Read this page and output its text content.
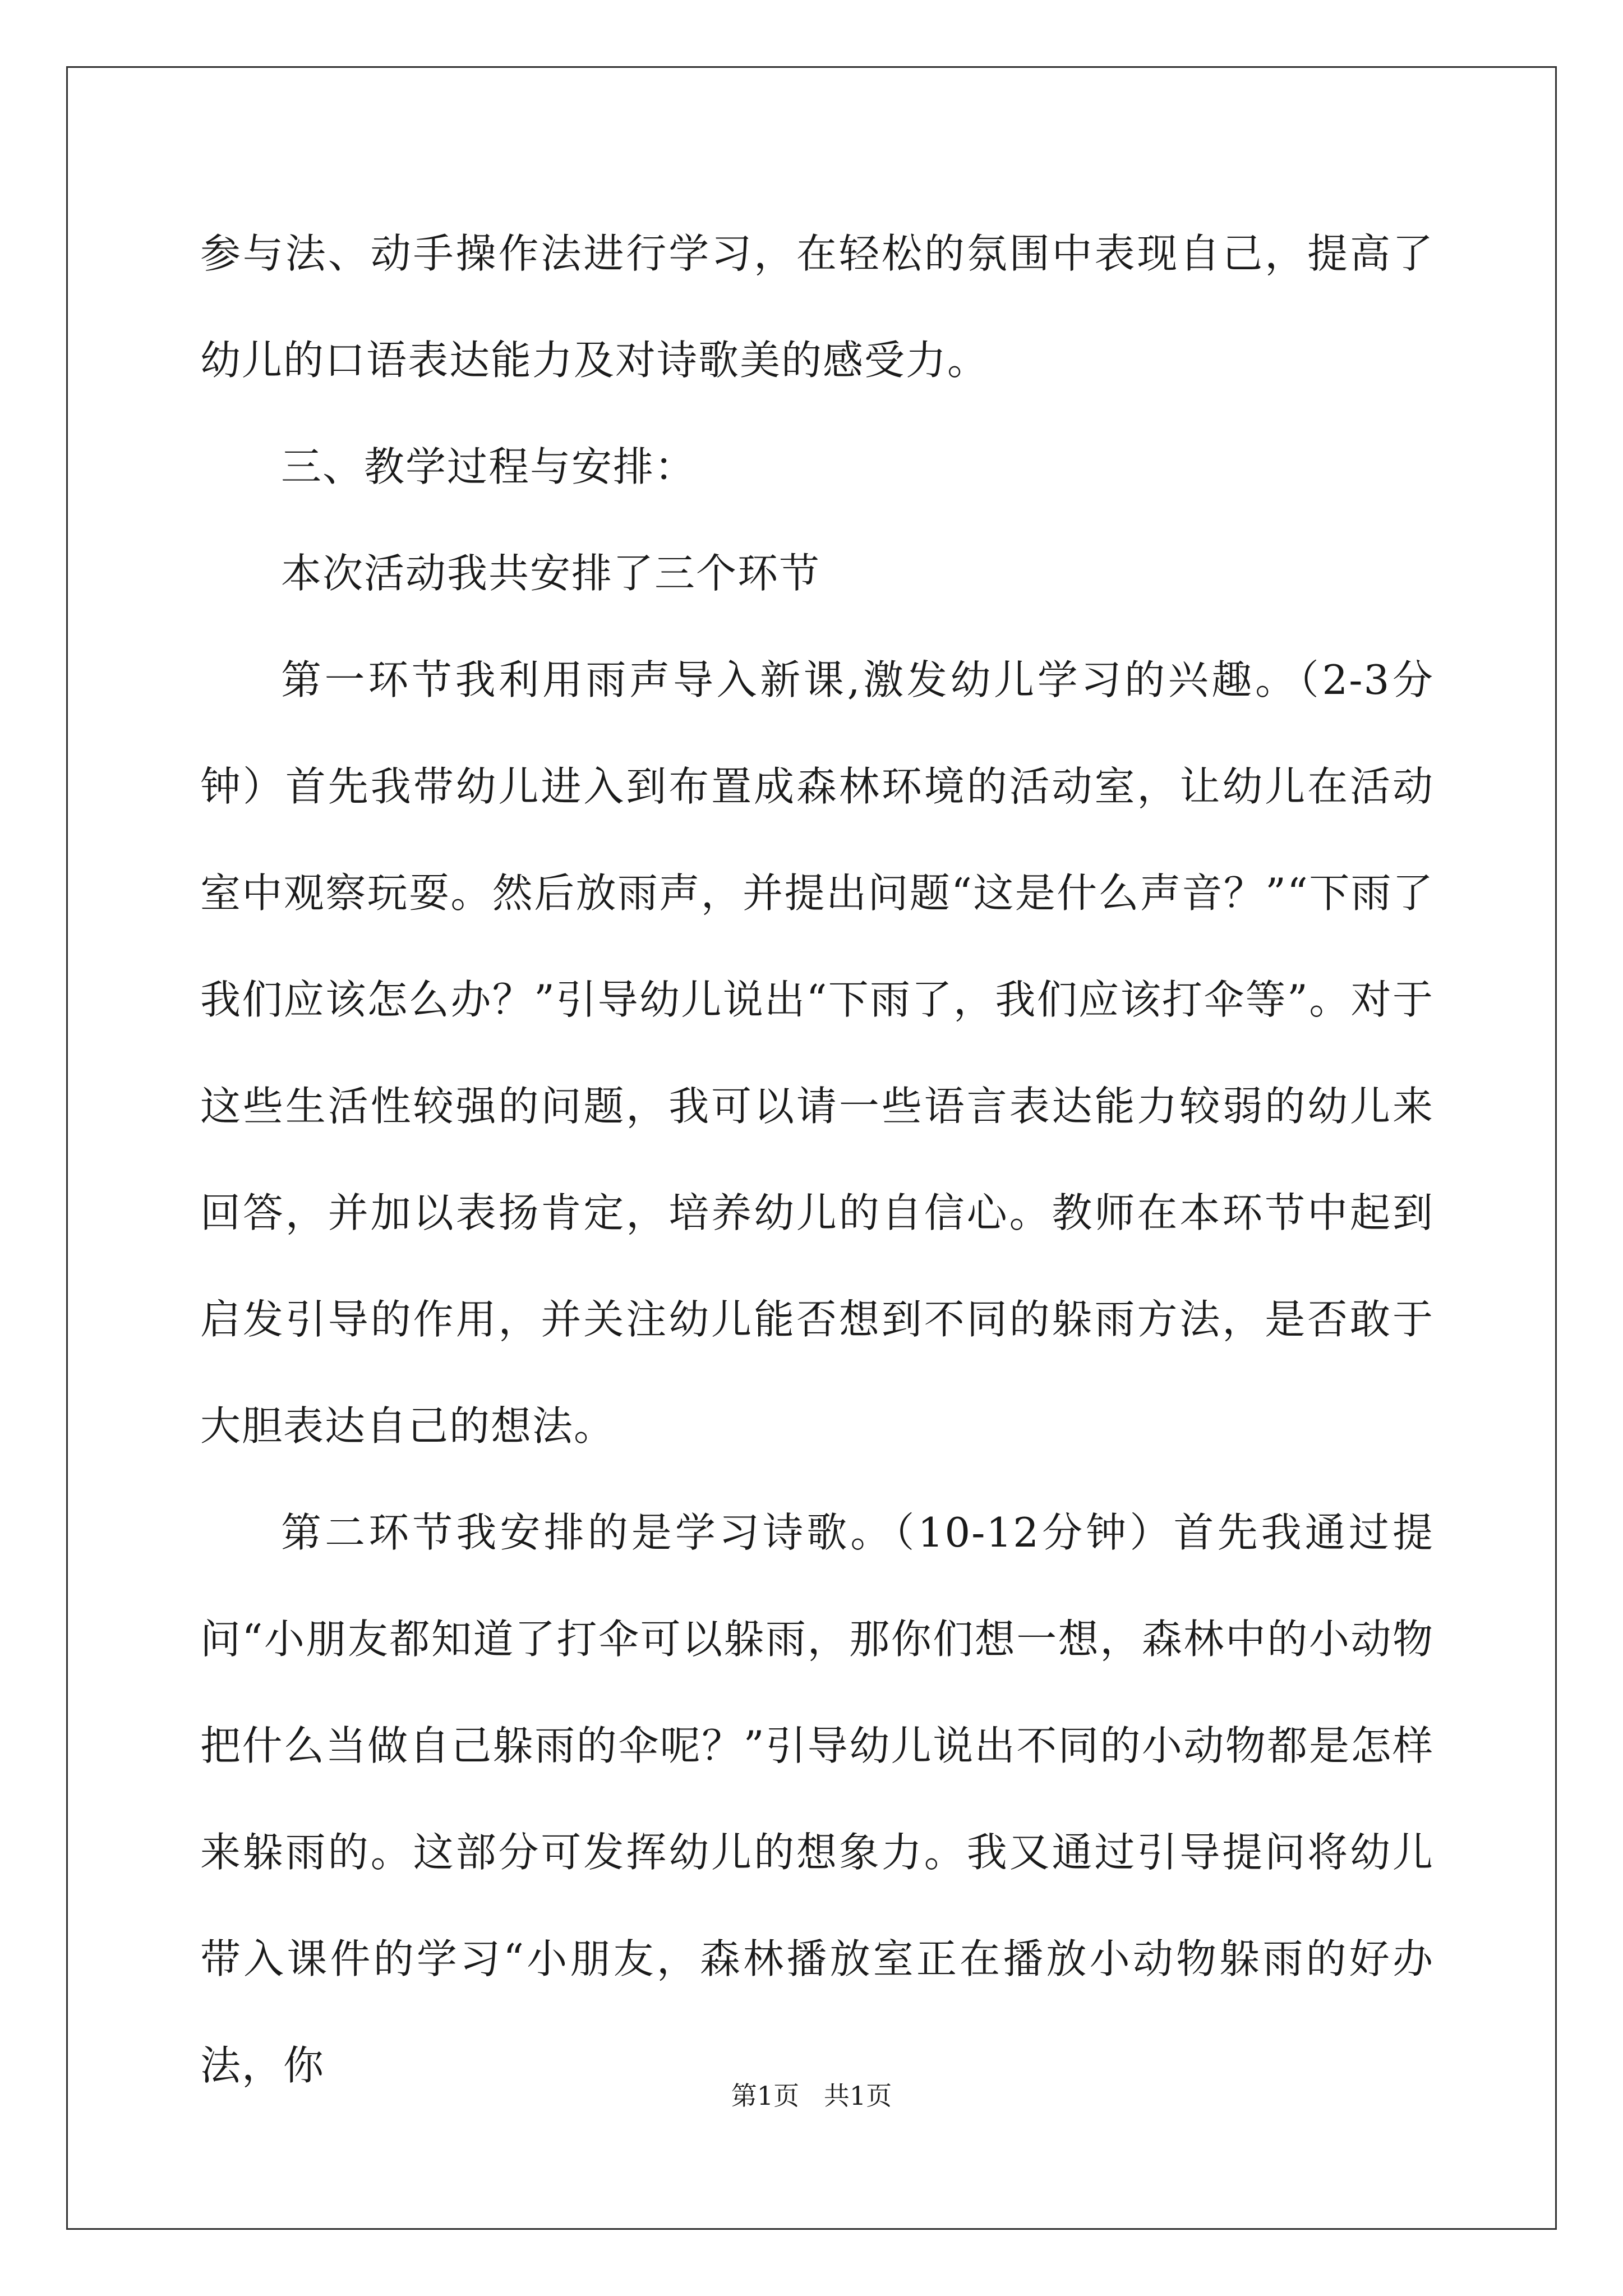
参与法、动手操作法进行学习，在轻松的氛围中表现自己，提高了幼儿的口语表达能力及对诗歌美的感受力。

三、教学过程与安排：

本次活动我共安排了三个环节

第一环节我利用雨声导入新课,激发幼儿学习的兴趣。（2-3分钟）首先我带幼儿进入到布置成森林环境的活动室，让幼儿在活动室中观察玩耍。然后放雨声，并提出问题“这是什么声音？”“下雨了我们应该怎么办？”引导幼儿说出“下雨了，我们应该打伞等”。对于这些生活性较强的问题，我可以请一些语言表达能力较弱的幼儿来回答，并加以表扬肯定，培养幼儿的自信心。教师在本环节中起到启发引导的作用，并关注幼儿能否想到不同的躲雨方法，是否敢于大胆表达自己的想法。

第二环节我安排的是学习诗歌。（10-12分钟）首先我通过提问“小朋友都知道了打伞可以躲雨，那你们想一想，森林中的小动物把什么当做自己躲雨的伞呢？”引导幼儿说出不同的小动物都是怎样来躲雨的。这部分可发挥幼儿的想象力。我又通过引导提问将幼儿带入课件的学习“小朋友，森林播放室正在播放小动物躲雨的好办法，你

第1页   共1页
